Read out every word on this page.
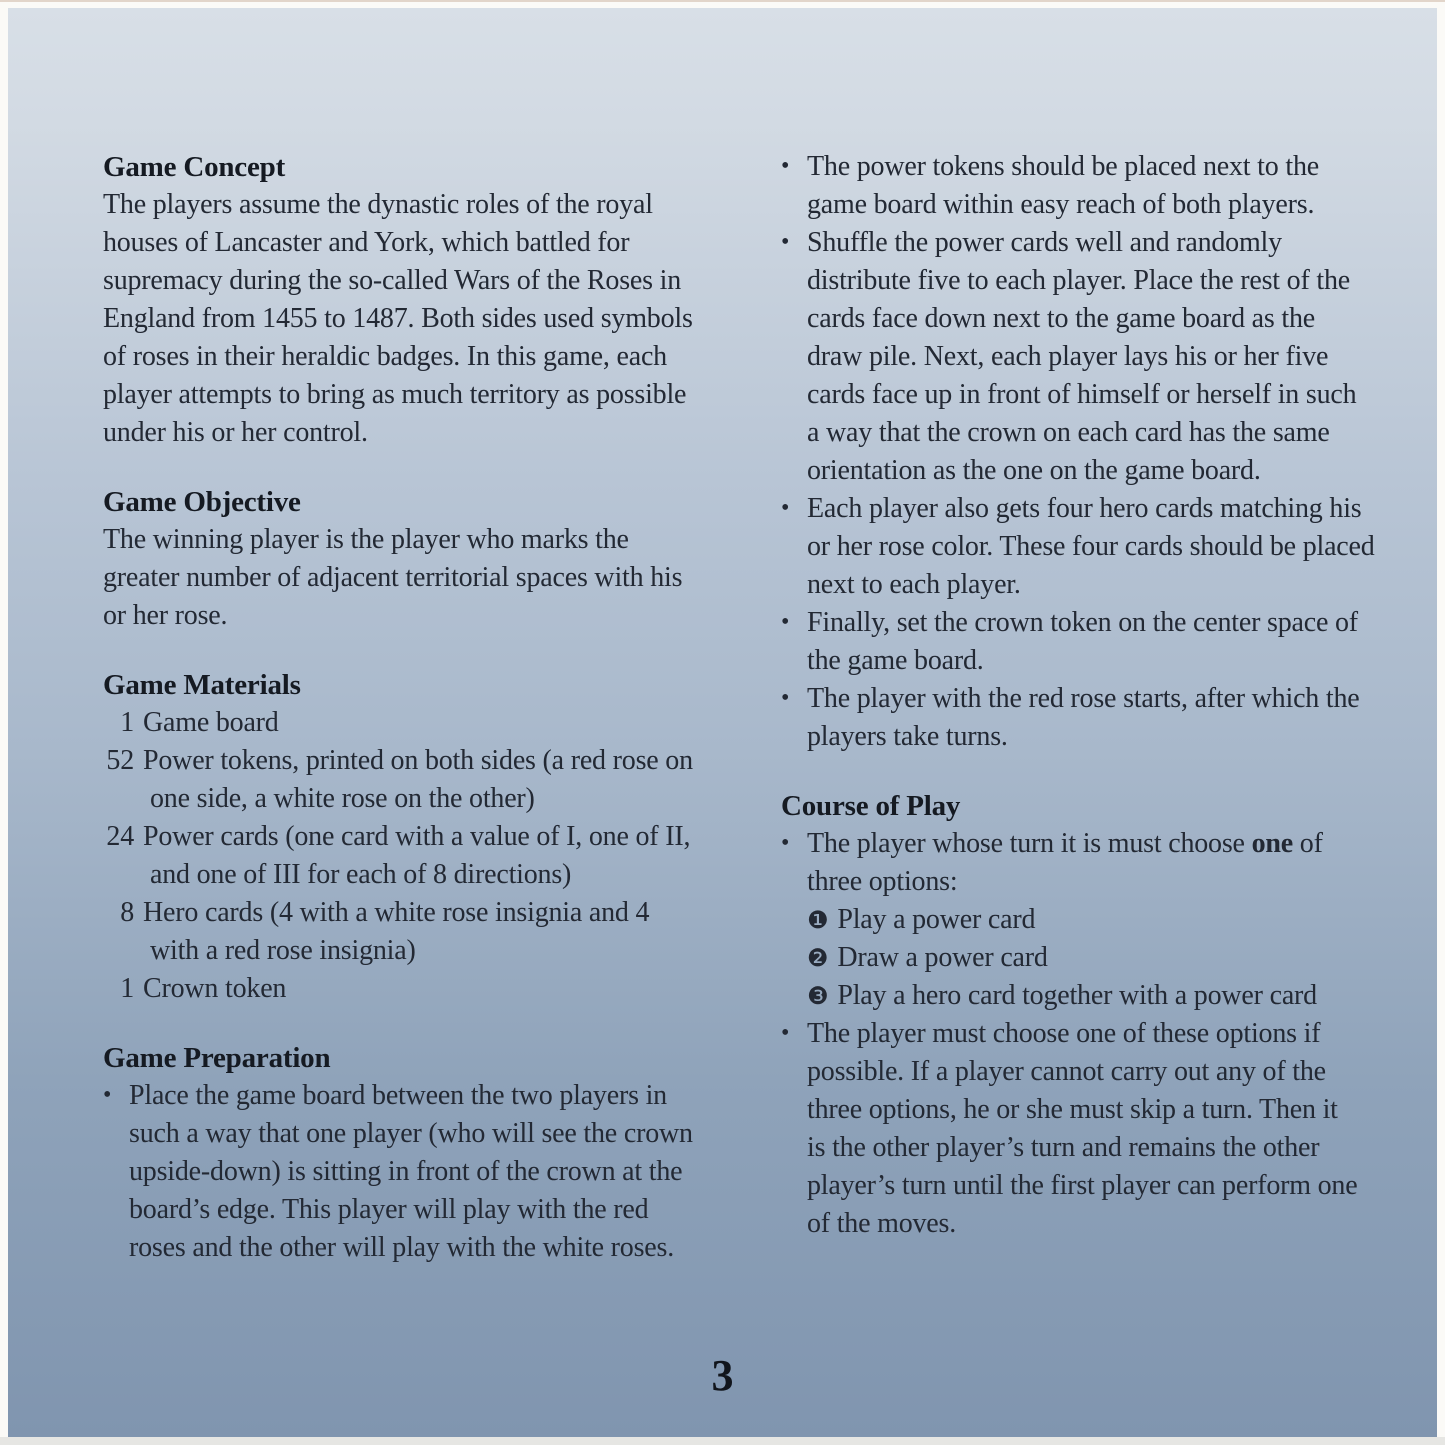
Game Concept
The players assume the dynastic roles of the royal
houses of Lancaster and York, which battled for
supremacy during the so-called Wars of the Roses in
England from 1455 to 1487. Both sides used symbols
of roses in their heraldic badges. In this game, each
player attempts to bring as much territory as possible
under his or her control.
Game Objective
The winning player is the player who marks the
greater number of adjacent territorial spaces with his
or her rose.
Game Materials
1 Game board
52 Power tokens, printed on both sides (a red rose on
one side, a white rose on the other)
24 Power cards (one card with a value of I, one of II,
and one of III for each of 8 directions)
8 Hero cards (4 with a white rose insignia and 4
with a red rose insignia)
1 Crown token
Game Preparation
• Place the game board between the two players in
such a way that one player (who will see the crown
upside-down) is sitting in front of the crown at the
board’s edge. This player will play with the red
roses and the other will play with the white roses.
• The power tokens should be placed next to the
game board within easy reach of both players.
• Shuffle the power cards well and randomly
distribute five to each player. Place the rest of the
cards face down next to the game board as the
draw pile. Next, each player lays his or her five
cards face up in front of himself or herself in such
a way that the crown on each card has the same
orientation as the one on the game board.
• Each player also gets four hero cards matching his
or her rose color. These four cards should be placed
next to each player.
• Finally, set the crown token on the center space of
the game board.
• The player with the red rose starts, after which the
players take turns.
Course of Play
• The player whose turn it is must choose one of
three options:
❶ Play a power card
❷ Draw a power card
❸ Play a hero card together with a power card
• The player must choose one of these options if
possible. If a player cannot carry out any of the
three options, he or she must skip a turn. Then it
is the other player’s turn and remains the other
player’s turn until the first player can perform one
of the moves.
3
